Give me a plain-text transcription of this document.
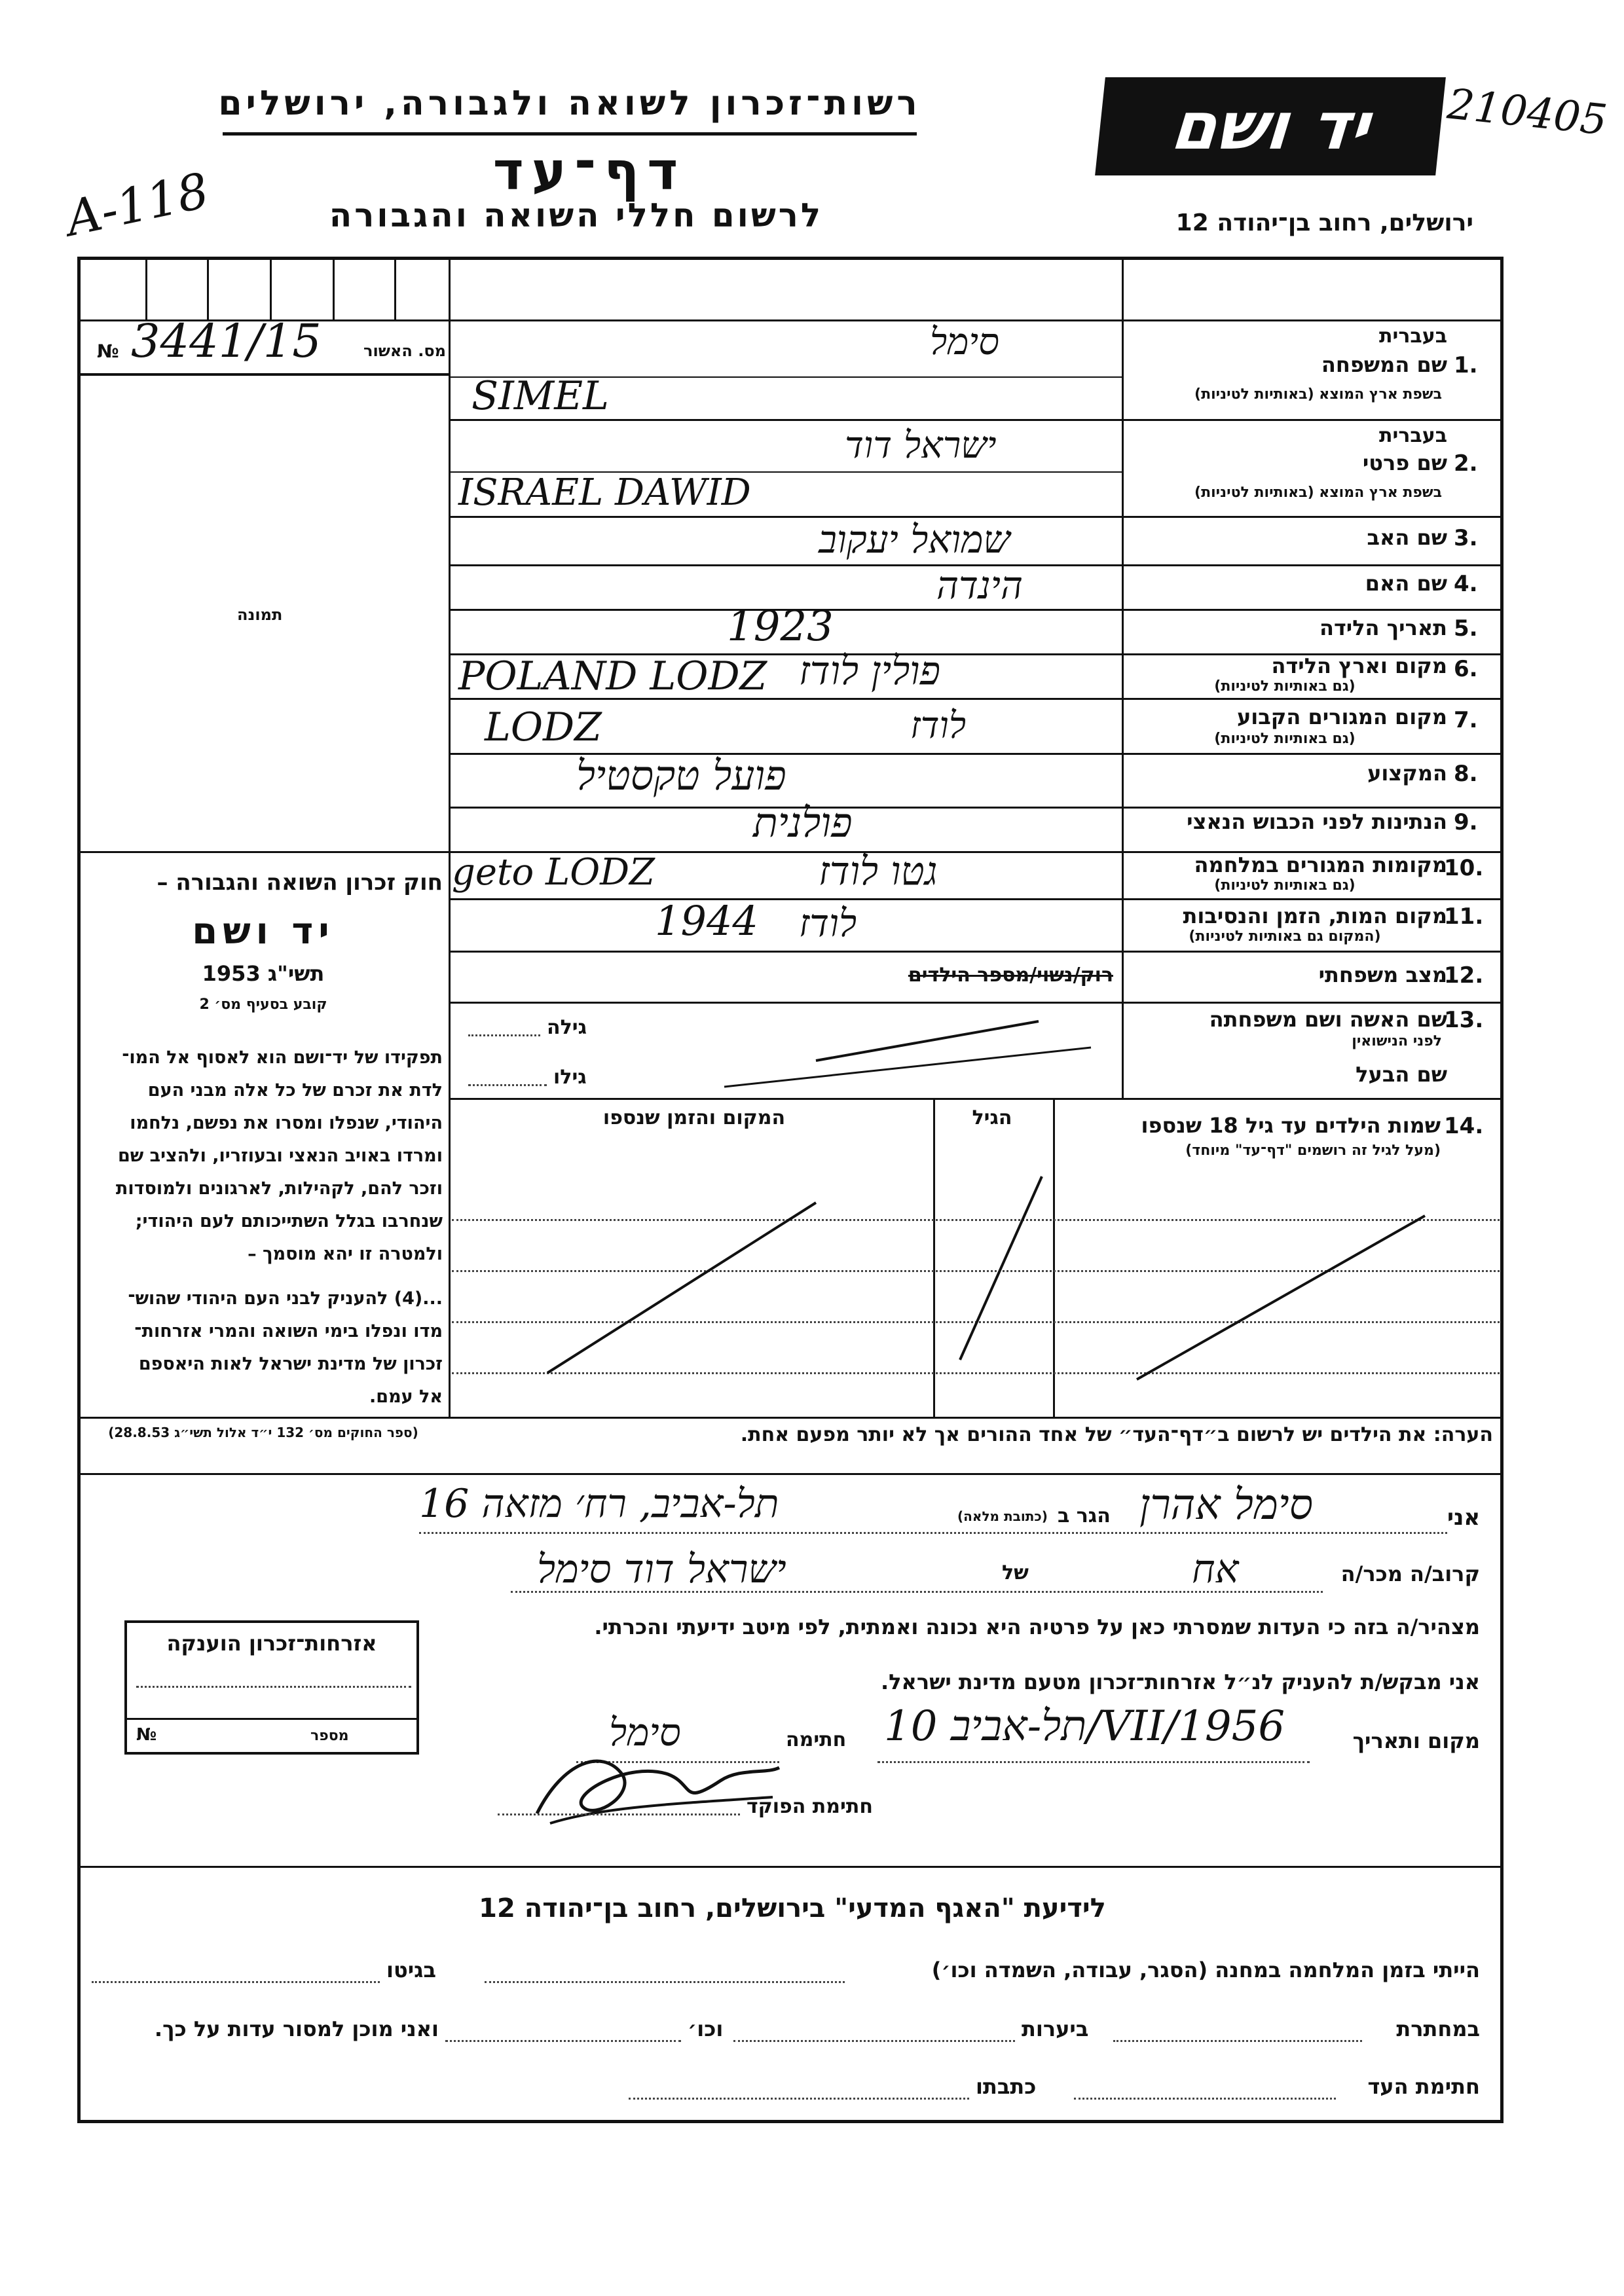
רשות־זכרון לשואה ולגבורה, ירושלים
דף־עד
לרשום חללי השואה והגבורה
יד ושם
ירושלים, רחוב בן־יהודה 12
210405
A-118
מס. האשור
№ 3441/15
תמונה
חוק זכרון השואה והגבורה –
יד ושם
תשי"ג 1953
קובע בסעיף מס׳ 2
תפקידו של יד־ושם הוא לאסוף אל המו־
לדת את זכרם של כל אלה מבני העם
היהודי, שנפלו ומסרו את נפשם, נלחמו
ומרדו באויב הנאצי ובעוזריו, ולהציב שם
וזכר להם, לקהילות, לארגונים ולמוסדות
שנחרבו בגלל השתייכותם לעם היהודי;
ולמטרה זו יהא מוסמך –
...(4) להעניק לבני העם היהודי שהוש־
מדו ונפלו בימי השואה והמרי אזרחות־
זכרון של מדינת ישראל לאות היאספם
אל עמם.
(ספר החוקים מס׳ 132 י״ד אלול תשי״ג 28.8.53)
בעברית
שם המשפחה 1.
בשפת ארץ המוצא (באותיות לטיניות)
סימל
SIMEL
בעברית
שם פרטי 2.
בשפת ארץ המוצא (באותיות לטיניות)
ישראל דוד
ISRAEL DAWID
שם האב 3.
שמואל יעקוב
שם האם 4.
הינדה
תאריך הלידה 5.
1923
מקום וארץ הלידה 6.
(גם באותיות לטיניות)
פולין לודז
POLAND LODZ
מקום המגורים הקבוע 7.
(גם באותיות לטיניות)
לודז
LODZ
המקצוע 8.
פועל טקסטיל
הנתינות לפני הכבוש הנאצי 9.
פולנית
מקומות המגורים במלחמה
10.
(גם באותיות לטיניות)
גטו לודז
geto LODZ
מקום המות, הזמן והנסיבות
11.
(המקום גם באותיות לטיניות)
לודז
1944
מצב משפחתי
12.
רוק/נשוי/מספר הילדים
שם האשה ושם משפחתה
13.
לפני הנישואין
גילה
שם הבעל
גילו
שמות הילדים עד גיל 18 שנספו 14.
(מעל לגיל זה רושמים "דף־עד" מיוחד)
הגיל
המקום והזמן שנספו
הערה: את הילדים יש לרשום ב״דף־העד״ של אחד ההורים אך לא יותר מפעם אחת.
אני
סימל אהרן
הגר ב
(כתובת מלאה)
תל-אביב, רח׳ מזאה 16
קרוב/ה מכר/ה
אח
של
ישראל דוד סימל
מצהיר/ה בזה כי העדות שמסרתי כאן על פרטיה היא נכונה ואמתית, לפי מיטב ידיעתי והכרתי.
אני מבקש/ת להעניק לנ״ל אזרחות־זכרון מטעם מדינת ישראל.
מקום ותאריך
תל-אביב 10/VII/1956
חתימה
סימל
חתימת הפוקד
אזרחות־זכרון הוענקה
מספר
№
לידיעת "האגף המדעי" בירושלים, רחוב בן־יהודה 12
הייתי בזמן המלחמה במחנה (הסגר, עבודה, השמדה וכו׳)
בגיטו
במחתרת
ביערות
וכו׳
ואני מוכן למסור עדות על כך.
חתימת העד
כתבתו
